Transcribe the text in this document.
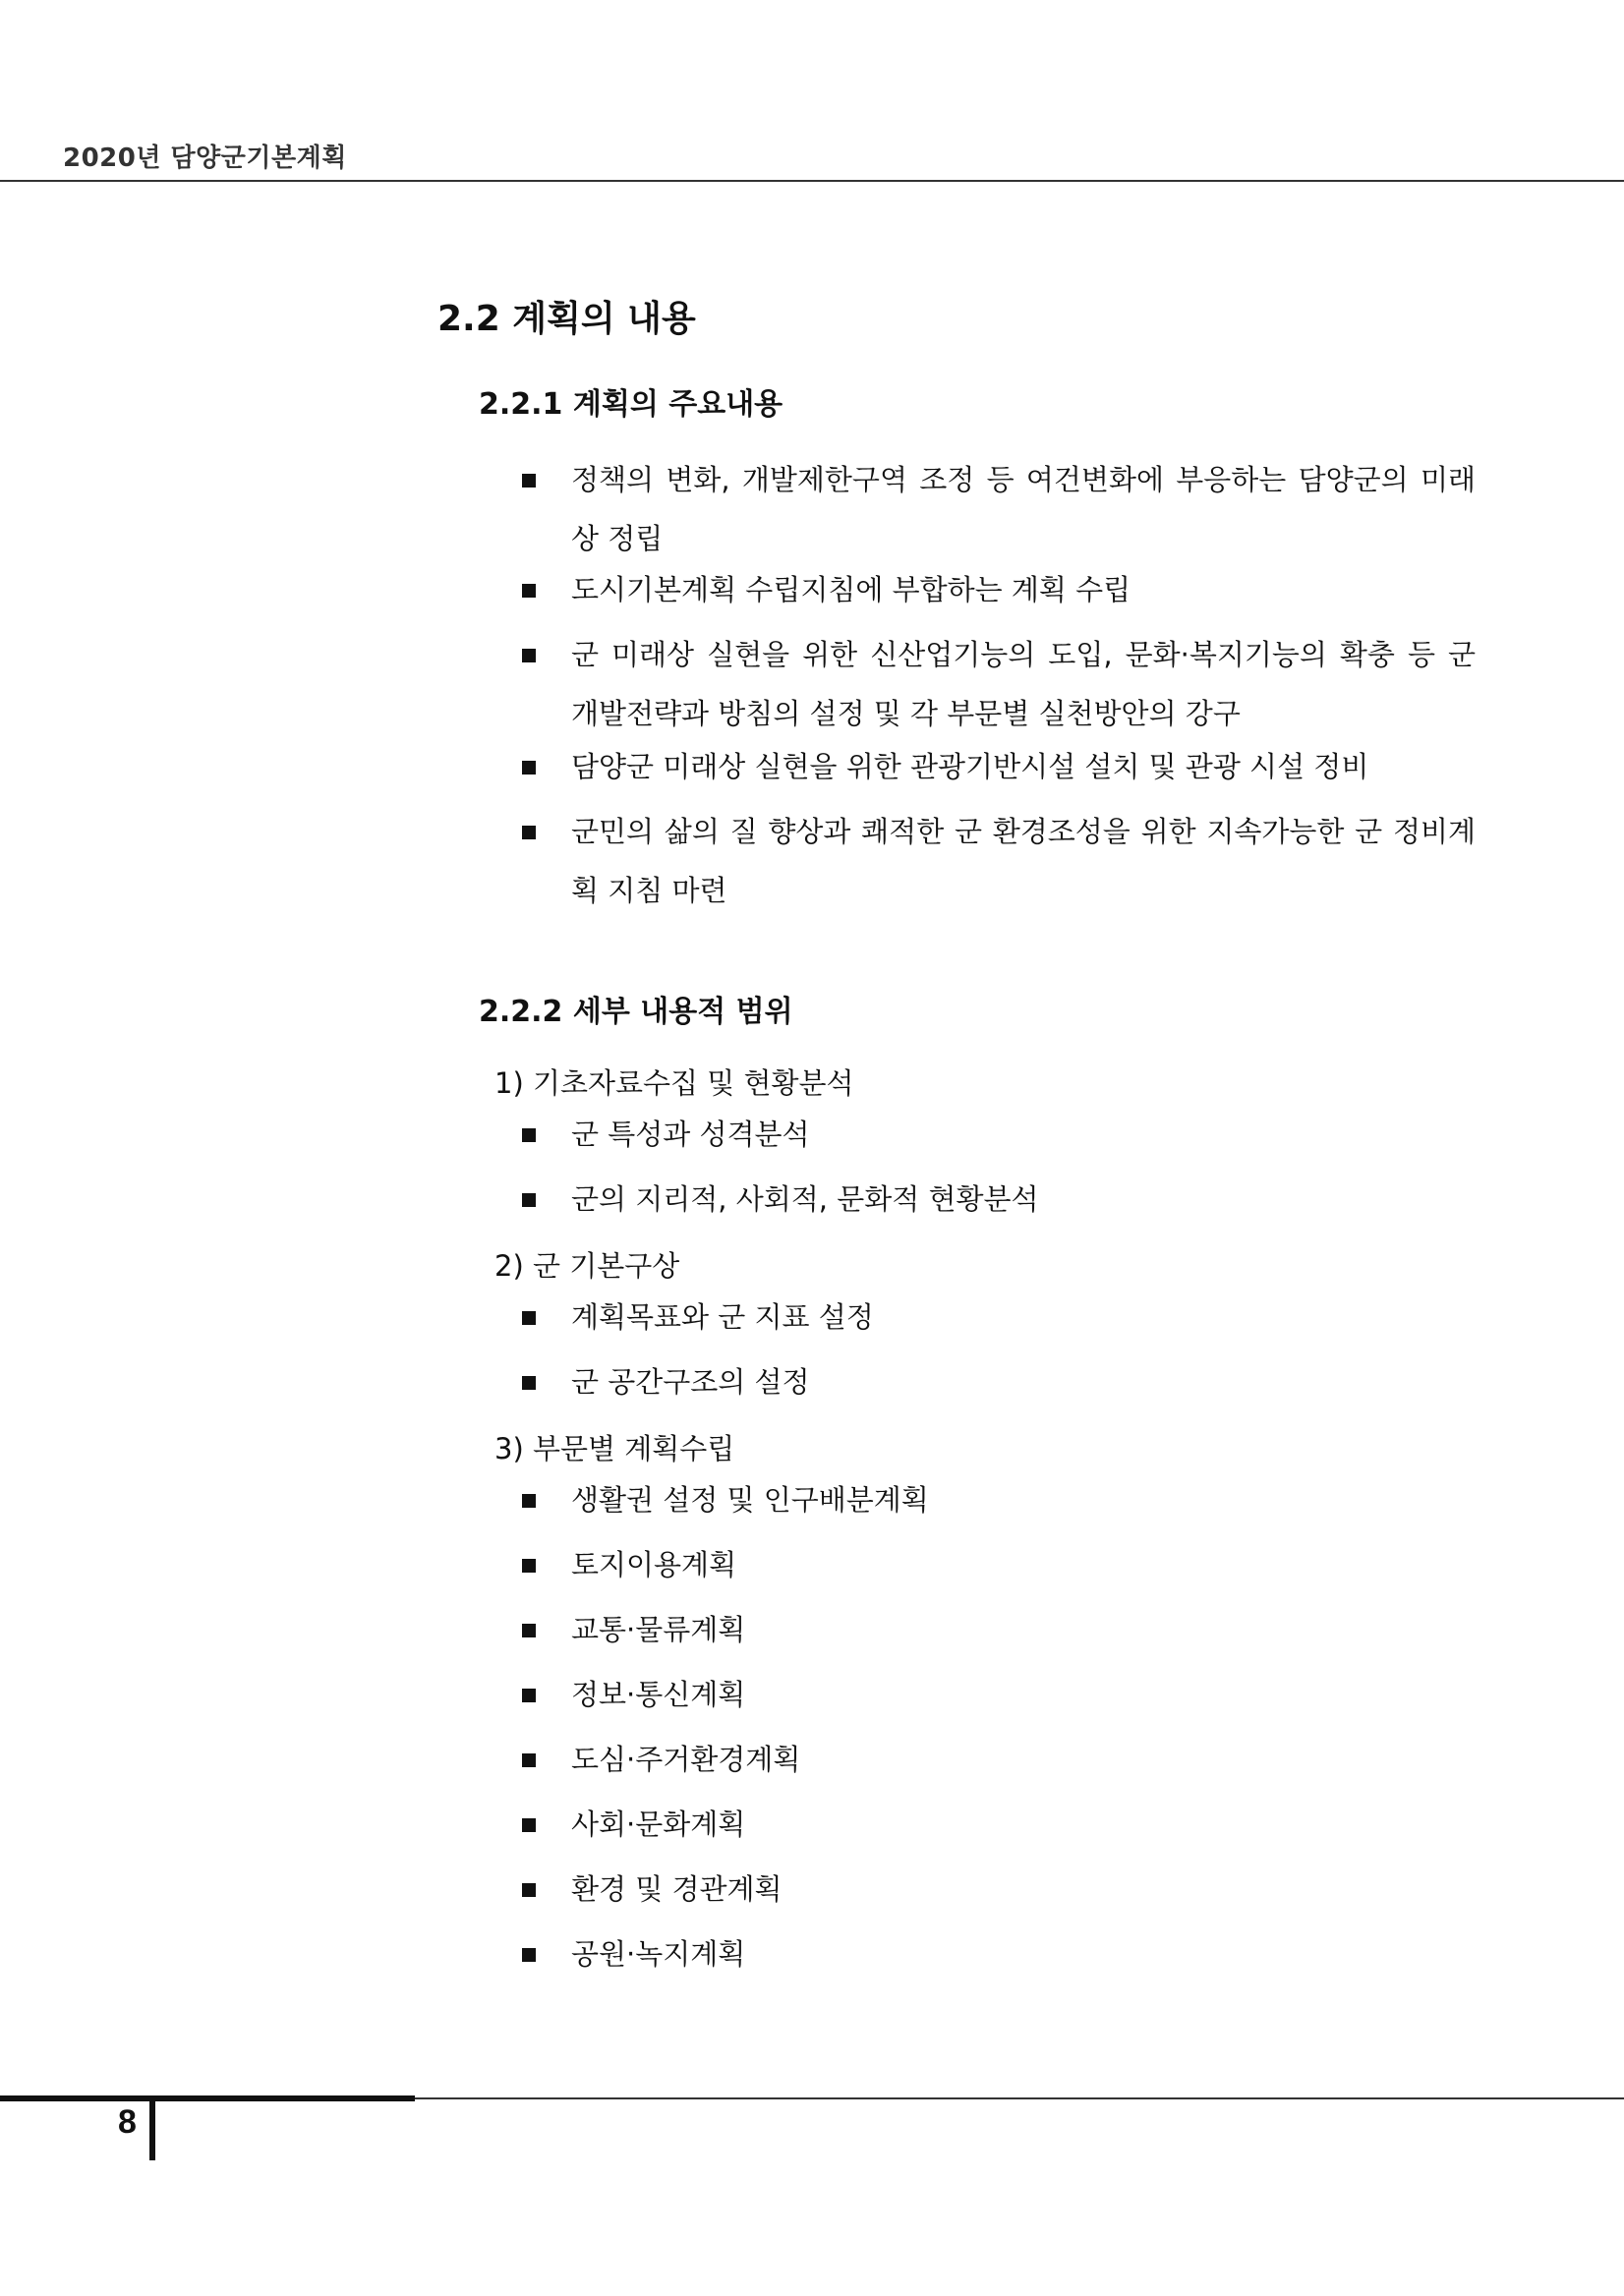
2020년 담양군기본계획
2.2 계획의 내용
2.2.1 계획의 주요내용
정책의 변화, 개발제한구역 조정 등 여건변화에 부응하는 담양군의 미래상 정립
도시기본계획 수립지침에 부합하는 계획 수립
군 미래상 실현을 위한 신산업기능의 도입, 문화·복지기능의 확충 등 군 개발전략과 방침의 설정 및 각 부문별 실천방안의 강구
담양군 미래상 실현을 위한 관광기반시설 설치 및 관광 시설 정비
군민의 삶의 질 향상과 쾌적한 군 환경조성을 위한 지속가능한 군 정비계획 지침 마련
2.2.2 세부 내용적 범위
1) 기초자료수집 및 현황분석
군 특성과 성격분석
군의 지리적, 사회적, 문화적 현황분석
2) 군 기본구상
계획목표와 군 지표 설정
군 공간구조의 설정
3) 부문별 계획수립
생활권 설정 및 인구배분계획
토지이용계획
교통·물류계획
정보·통신계획
도심·주거환경계획
사회·문화계획
환경 및 경관계획
공원·녹지계획
8
